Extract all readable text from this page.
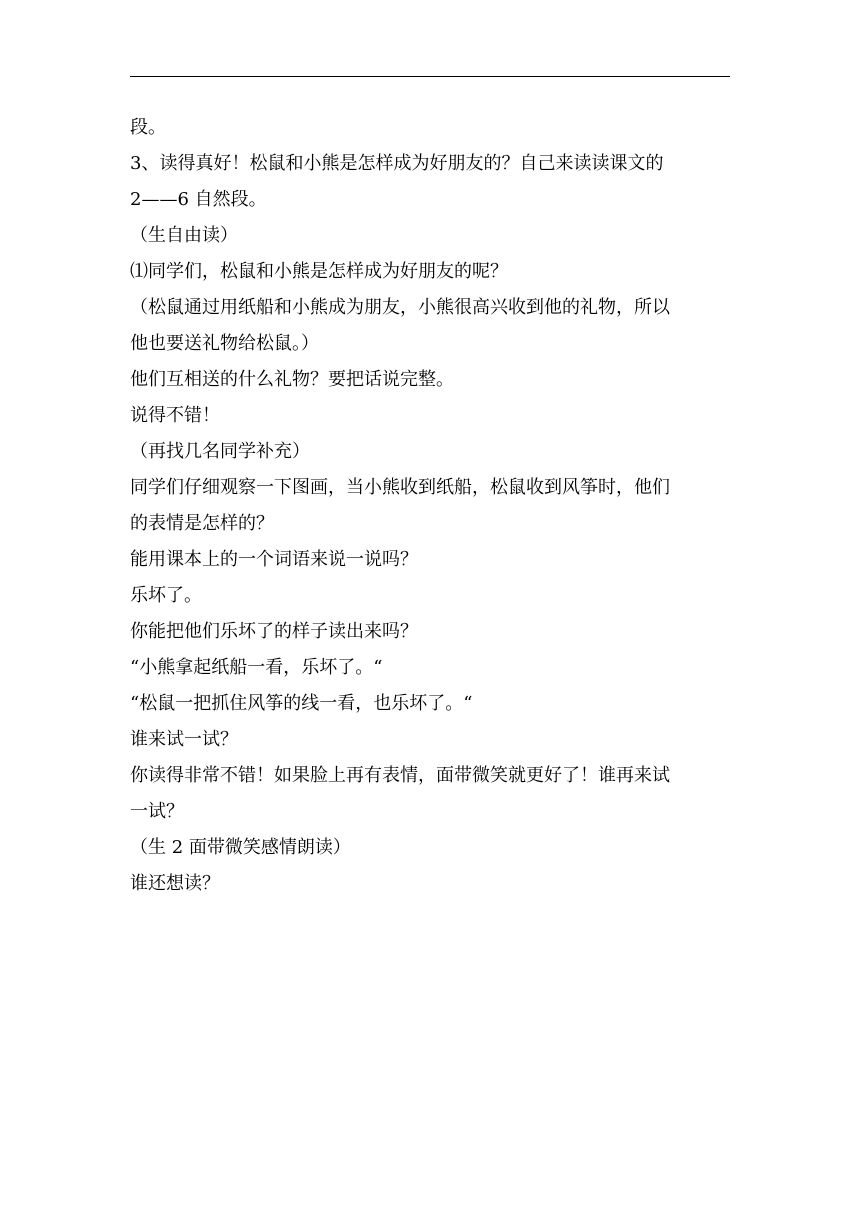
段。
3、读得真好！松鼠和小熊是怎样成为好朋友的？自己来读读课文的
2——6 自然段。
（生自由读）
⑴同学们，松鼠和小熊是怎样成为好朋友的呢？
（松鼠通过用纸船和小熊成为朋友，小熊很高兴收到他的礼物，所以
他也要送礼物给松鼠。）
他们互相送的什么礼物？要把话说完整。
说得不错！
（再找几名同学补充）
同学们仔细观察一下图画，当小熊收到纸船，松鼠收到风筝时，他们
的表情是怎样的？
能用课本上的一个词语来说一说吗？
乐坏了。
你能把他们乐坏了的样子读出来吗？
“小熊拿起纸船一看，乐坏了。“
“松鼠一把抓住风筝的线一看，也乐坏了。“
谁来试一试？
你读得非常不错！如果脸上再有表情，面带微笑就更好了！谁再来试
一试？
（生 2 面带微笑感情朗读）
谁还想读？
